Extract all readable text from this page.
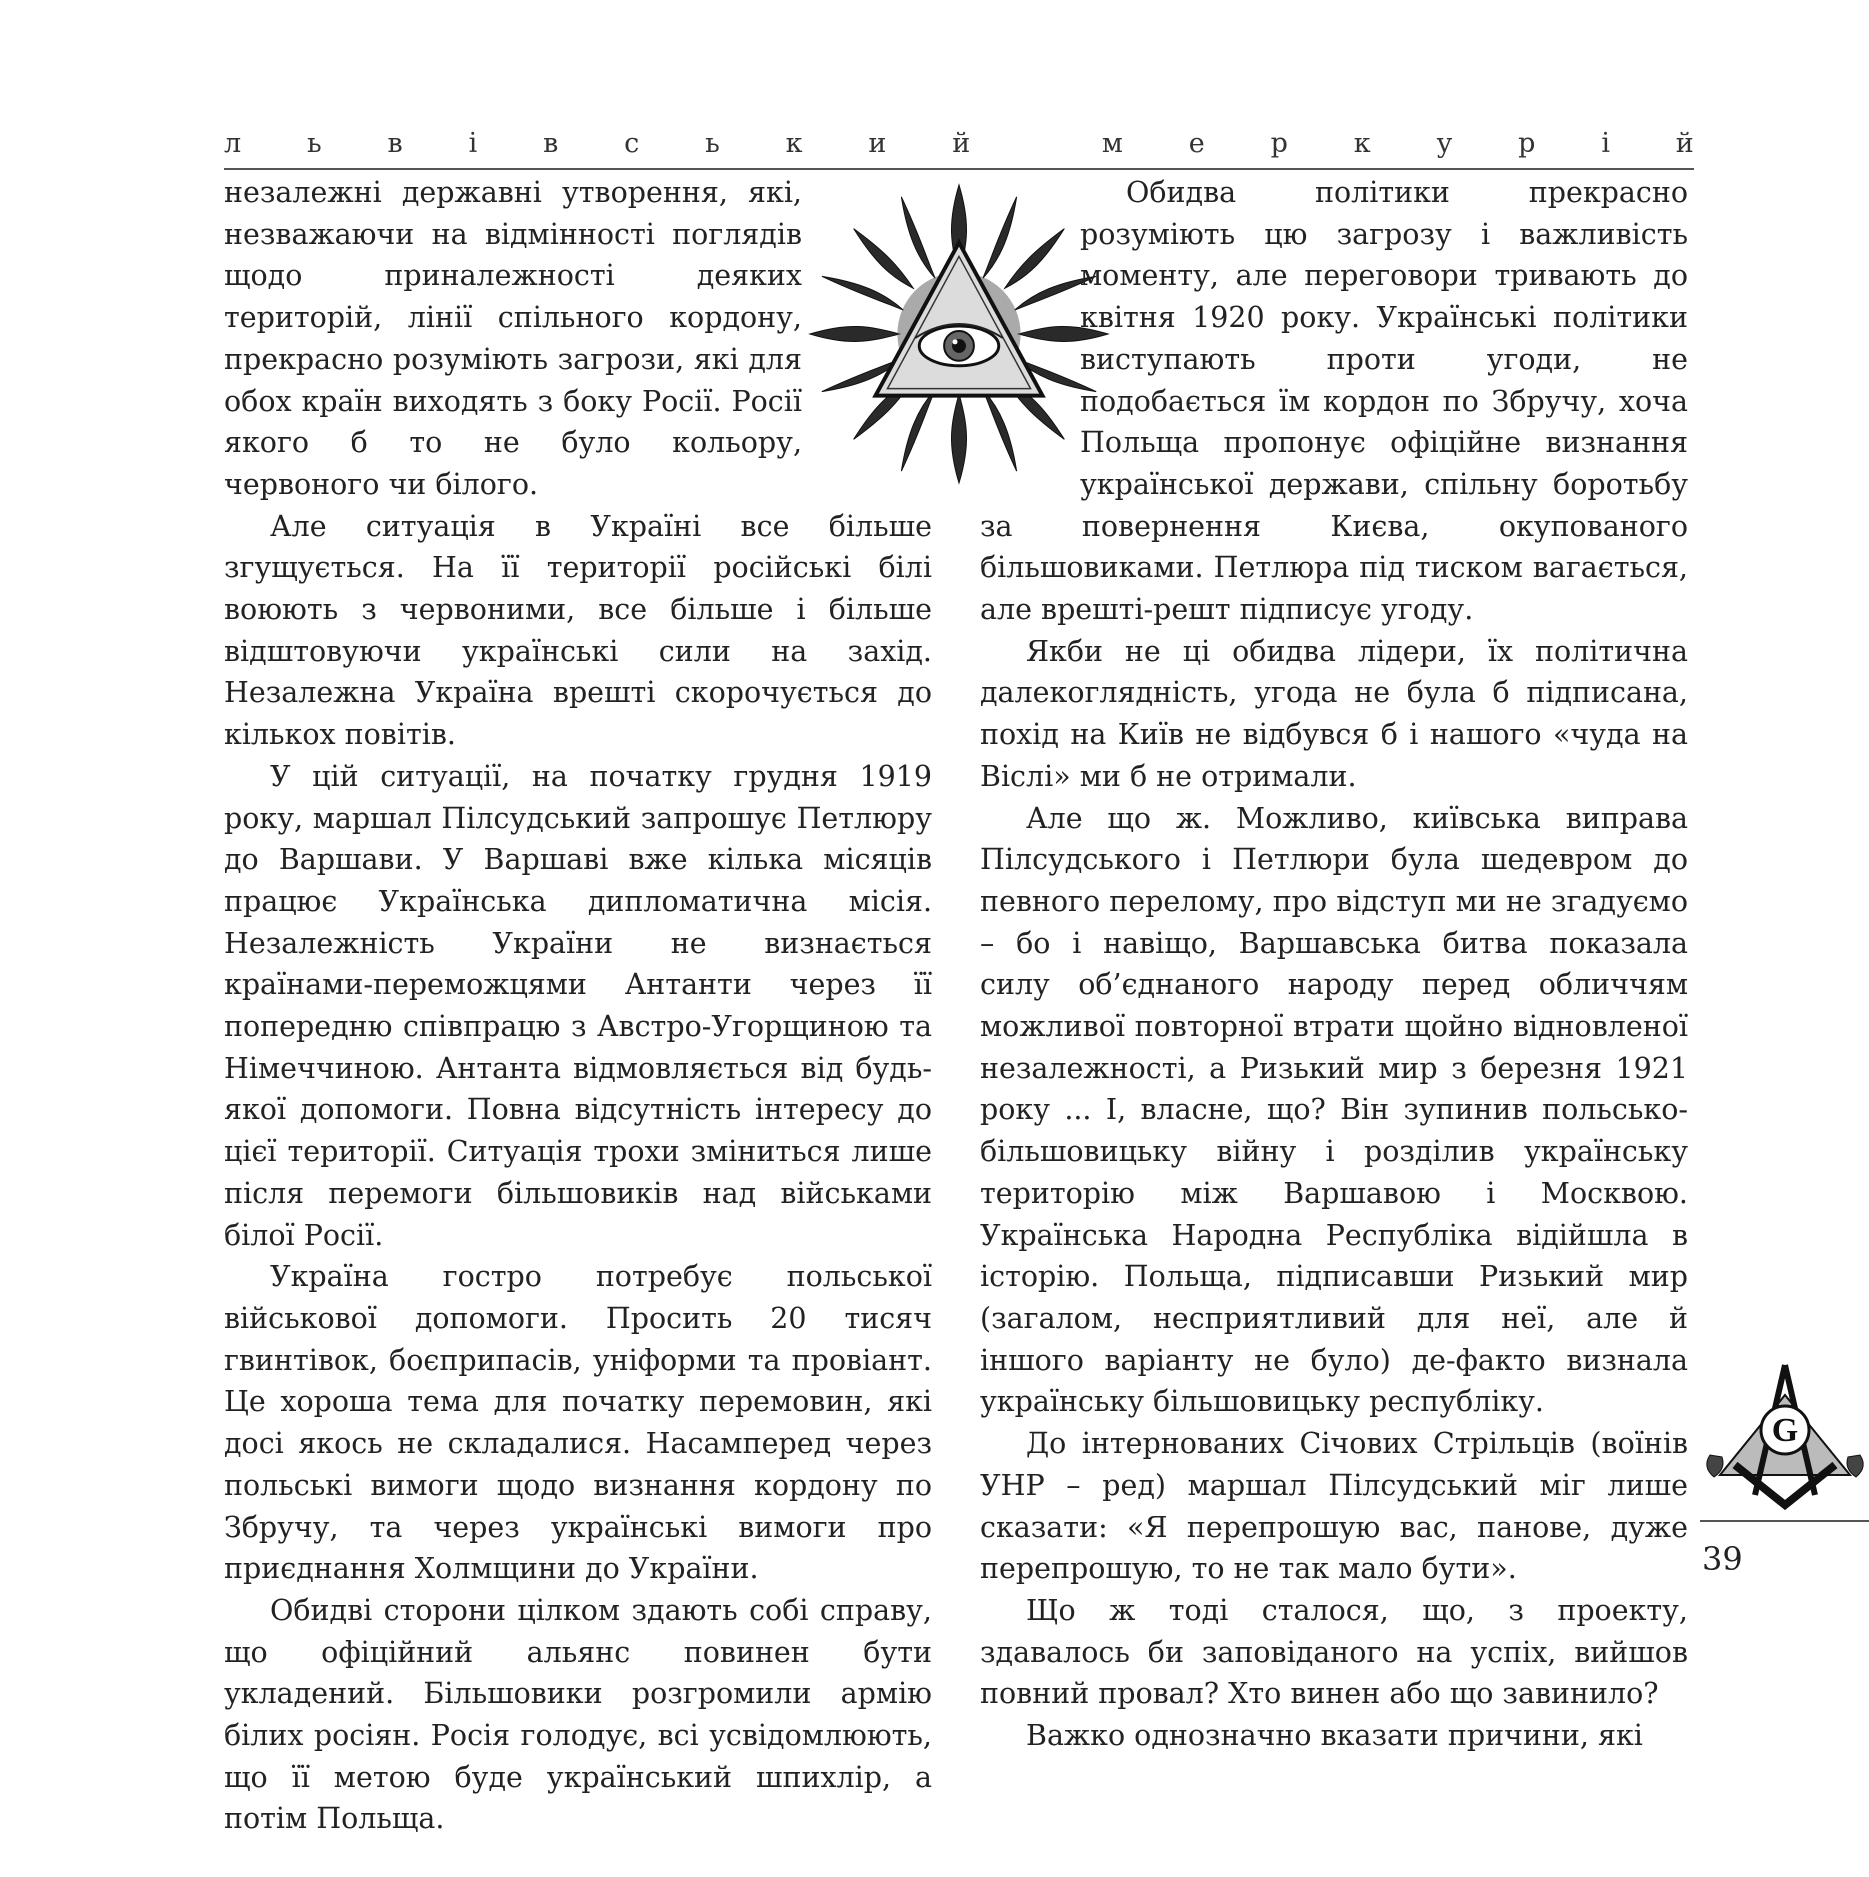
л ь в і в с ь к и й	м е р к у р і й

незалежні державні утворення, які, незважаючи на відмінності поглядів щодо приналежності деяких територій, лінії спільного кордону, прекрасно розуміють загрози, які для обох країн виходять з боку Росії. Росії якого б то не було кольору, червоного чи білого.

Але ситуація в Україні все більше згущується. На її території російські білі воюють з червоними, все більше і більше відштовуючи українські сили на захід. Незалежна Україна врешті скорочується до кількох повітів.

У цій ситуації, на початку грудня 1919 року, маршал Пілсудський запрошує Петлюру до Варшави. У Варшаві вже кілька місяців працює Українська дипломатична місія. Незалежність України не визнається країнами-переможцями Антанти через її попередню співпрацю з Австро-Угорщиною та Німеччиною. Антанта відмовляється від будь-якої допомоги. Повна відсутність інтересу до цієї території. Ситуація трохи зміниться лише після перемоги більшовиків над військами білої Росії.

Україна гостро потребує польської військової допомоги. Просить 20 тисяч гвинтівок, боєприпасів, уніформи та провіант. Це хороша тема для початку перемовин, які досі якось не складалися. Насамперед через польські вимоги щодо визнання кордону по Збручу, та через українські вимоги про приєднання Холмщини до України.

Обидві сторони цілком здають собі справу, що офіційний альянс повинен бути укладений. Більшовики розгромили армію білих росіян. Росія голодує, всі усвідомлюють, що її метою буде український шпихлір, а потім Польща.

Обидва політики прекрасно розуміють цю загрозу і важливість моменту, але переговори тривають до квітня 1920 року. Українські політики виступають проти угоди, не подобається їм кордон по Збручу, хоча Польща пропонує офіційне визнання української держави, спільну боротьбу за повернення Києва, окупованого більшовиками. Петлюра під тиском вагається, але врешті-решт підписує угоду.

Якби не ці обидва лідери, їх політична далекоглядність, угода не була б підписана, похід на Київ не відбувся б і нашого «чуда на Віслі» ми б не отримали.

Але що ж. Можливо, київська виправа Пілсудського і Петлюри була шедевром до певного перелому, про відступ ми не згадуємо – бо і навіщо, Варшавська битва показала силу об’єднаного народу перед обличчям можливої повторної втрати щойно відновленої незалежності, а Ризький мир з березня 1921 року ... І, власне, що? Він зупинив польсько-більшовицьку війну і розділив українську територію між Варшавою і Москвою. Українська Народна Республіка відійшла в історію. Польща, підписавши Ризький мир (загалом, несприятливий для неї, але й іншого варіанту не було) де-факто визнала українську більшовицьку республіку.

До інтернованих Січових Стрільців (воїнів УНР – ред) маршал Пілсудський міг лише сказати: «Я перепрошую вас, панове, дуже перепрошую, то не так мало бути».

Що ж тоді сталося, що, з проекту, здавалось би заповіданого на успіх, вийшов повний провал? Хто винен або що завинило?

Важко однозначно вказати причини, які

G
39
